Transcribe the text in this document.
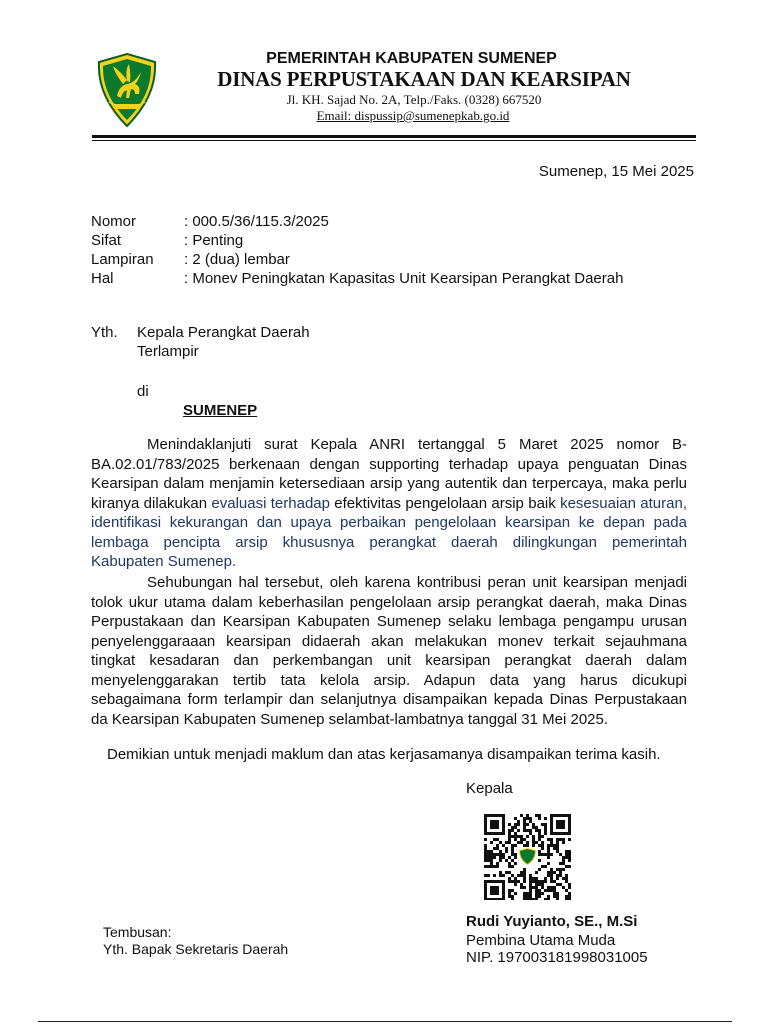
PEMERINTAH KABUPATEN SUMENEP
DINAS PERPUSTAKAAN DAN KEARSIPAN
Jl. KH. Sajad No. 2A, Telp./Faks. (0328) 667520
Email: dispussip@sumenepkab.go.id
Sumenep, 15 Mei 2025
Nomor	: 000.5/36/115.3/2025
Sifat	: Penting
Lampiran : 2 (dua) lembar
Hal	: Monev Peningkatan Kapasitas Unit Kearsipan Perangkat Daerah
Yth. Kepala Perangkat Daerah
Terlampir
di
SUMENEP
Menindaklanjuti surat Kepala ANRI tertanggal 5 Maret 2025 nomor B-BA.02.01/783/2025 berkenaan dengan supporting terhadap upaya penguatan Dinas Kearsipan dalam menjamin ketersediaan arsip yang autentik dan terpercaya, maka perlu kiranya dilakukan evaluasi terhadap efektivitas pengelolaan arsip baik kesesuaian aturan, identifikasi kekurangan dan upaya perbaikan pengelolaan kearsipan ke depan pada lembaga pencipta arsip khususnya perangkat daerah dilingkungan pemerintah Kabupaten Sumenep.
Sehubungan hal tersebut, oleh karena kontribusi peran unit kearsipan menjadi tolok ukur utama dalam keberhasilan pengelolaan arsip perangkat daerah, maka Dinas Perpustakaan dan Kearsipan Kabupaten Sumenep selaku lembaga pengampu urusan penyelenggaraaan kearsipan didaerah akan melakukan monev terkait sejauhmana tingkat kesadaran dan perkembangan unit kearsipan perangkat daerah dalam menyelenggarakan tertib tata kelola arsip. Adapun data yang harus dicukupi sebagaimana form terlampir dan selanjutnya disampaikan kepada Dinas Perpustakaan da Kearsipan Kabupaten Sumenep selambat-lambatnya tanggal 31 Mei 2025.
Demikian untuk menjadi maklum dan atas kerjasamanya disampaikan terima kasih.
Kepala
Rudi Yuyianto, SE., M.Si
Pembina Utama Muda
NIP. 197003181998031005
Tembusan:
Yth. Bapak Sekretaris Daerah
